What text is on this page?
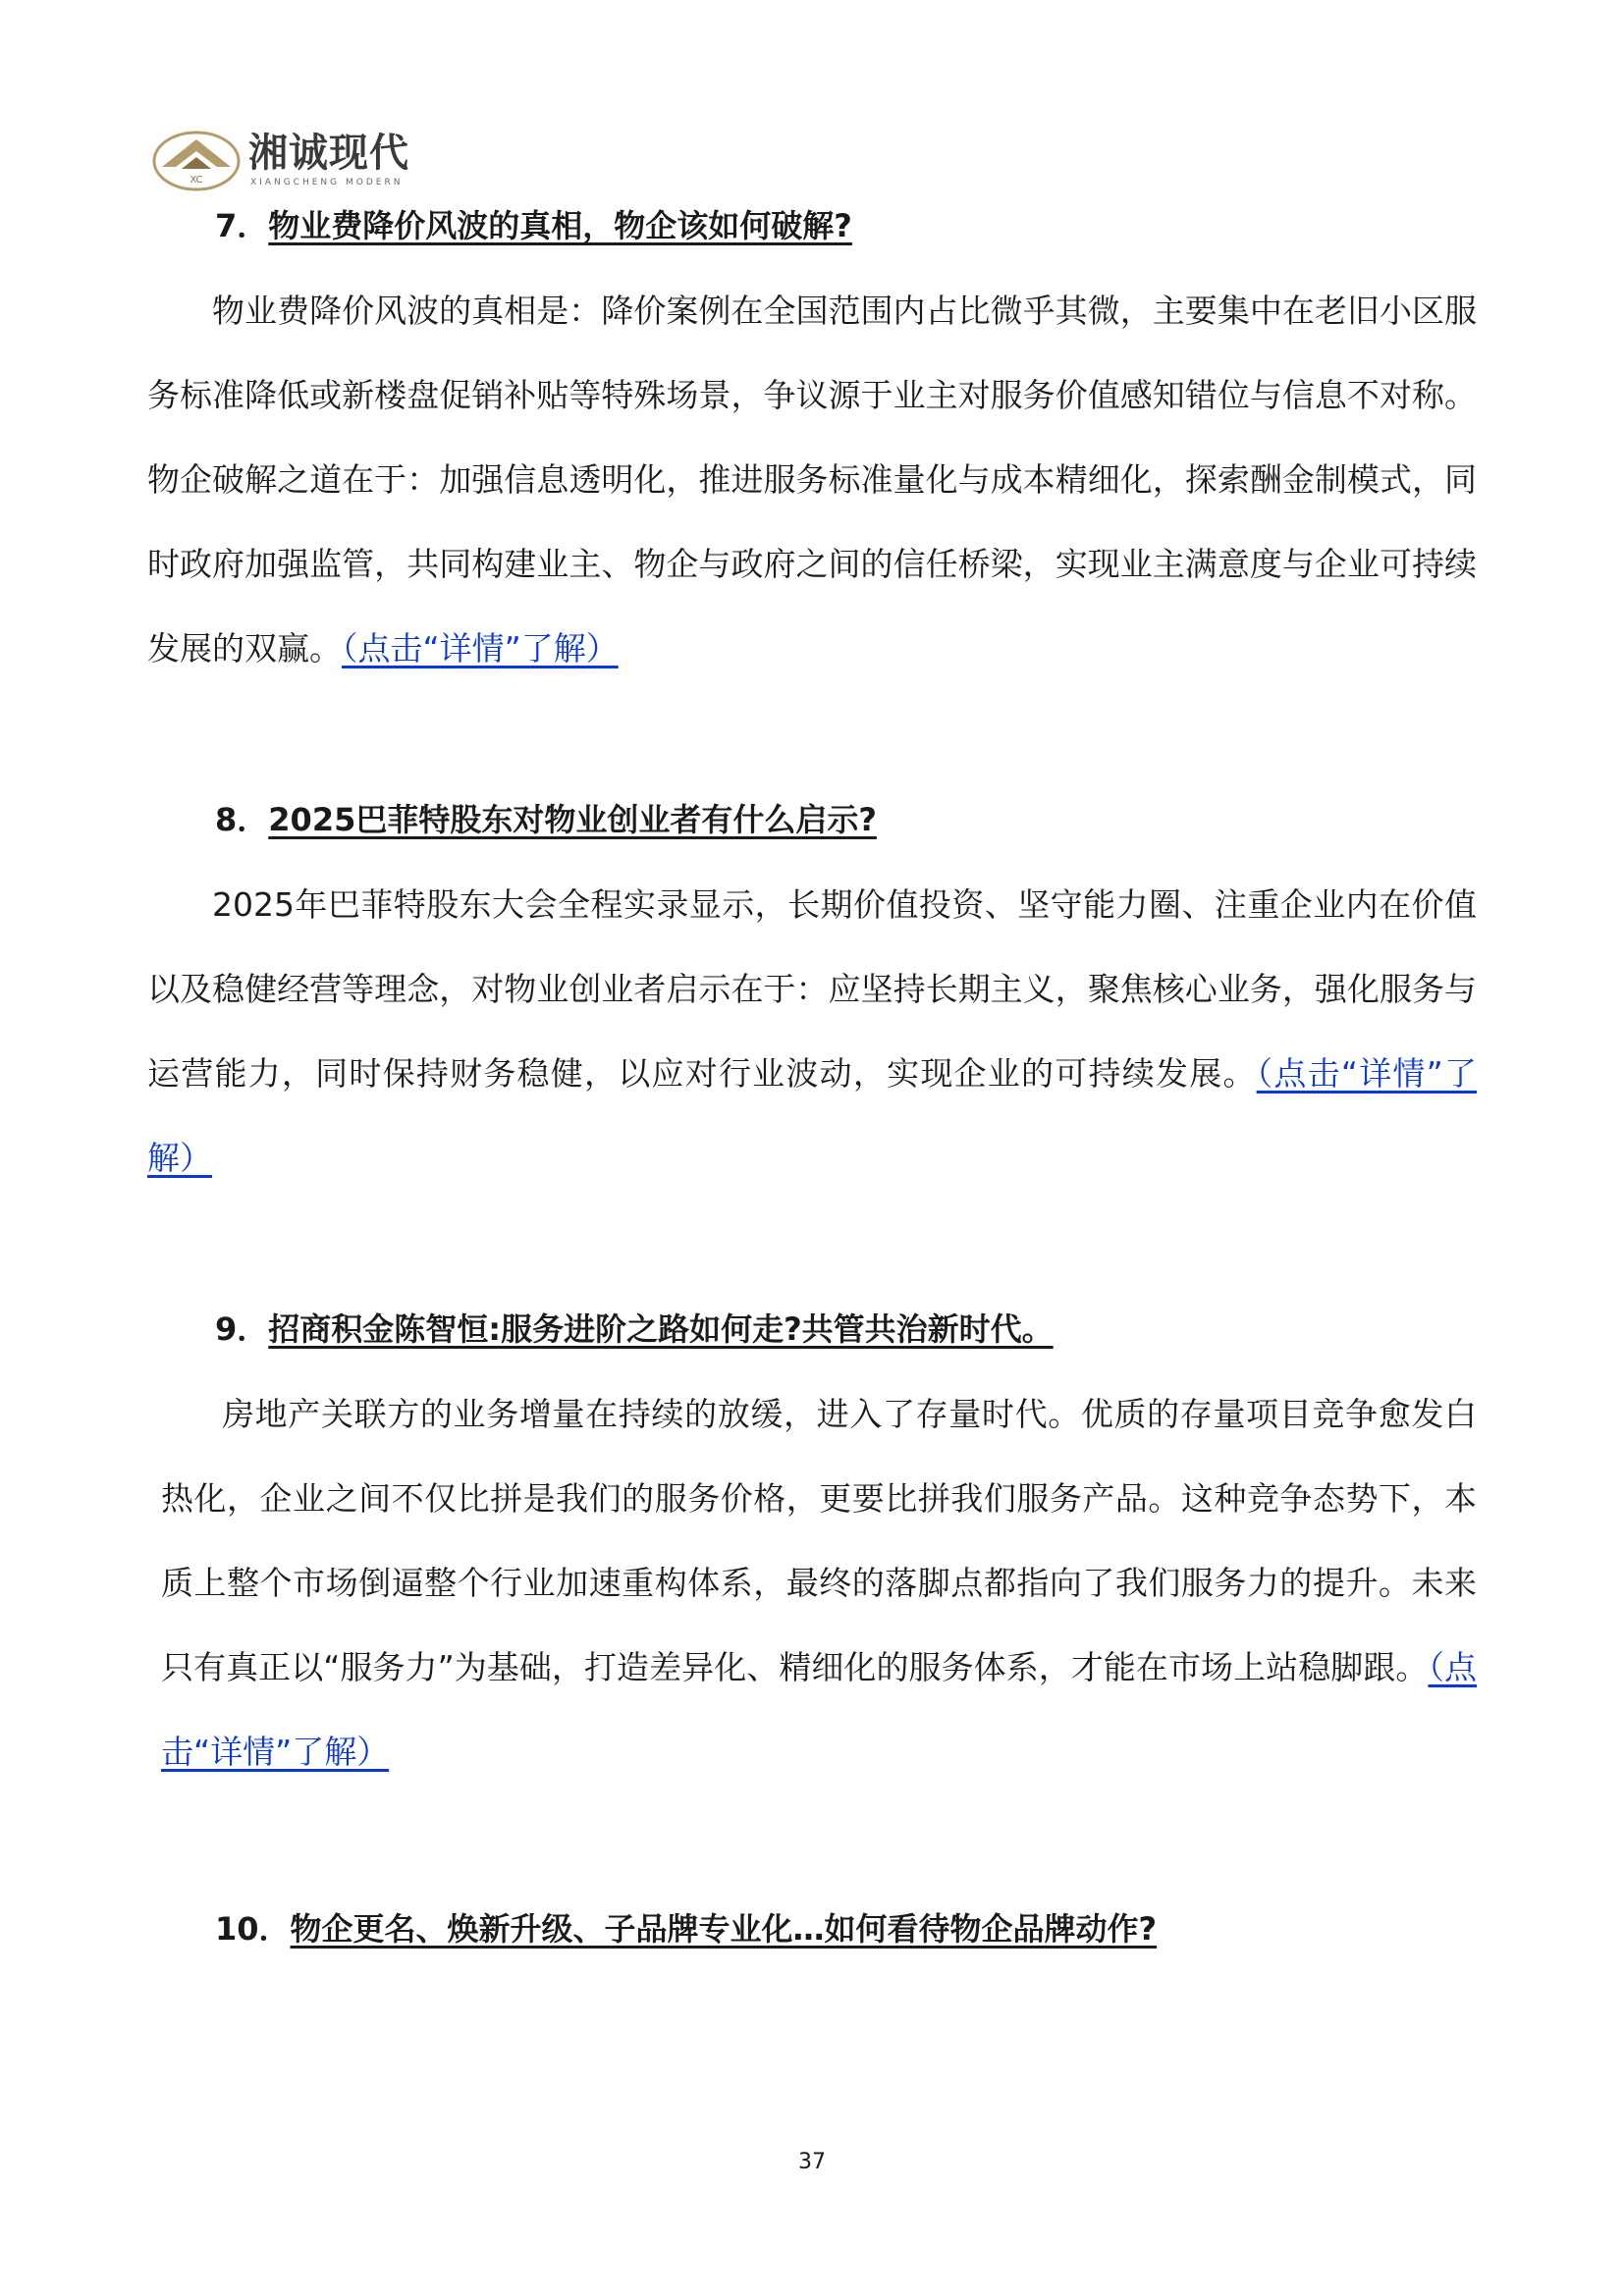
XC
湘诚现代
XIANGCHENG MODERN
7．物业费降价风波的真相，物企该如何破解?
物业费降价风波的真相是：降价案例在全国范围内占比微乎其微，主要集中在老旧小区服务标准降低或新楼盘促销补贴等特殊场景，争议源于业主对服务价值感知错位与信息不对称。物企破解之道在于：加强信息透明化，推进服务标准量化与成本精细化，探索酬金制模式，同时政府加强监管，共同构建业主、物企与政府之间的信任桥梁，实现业主满意度与企业可持续发展的双赢。（点击“详情”了解）
8．2025巴菲特股东对物业创业者有什么启示?
2025年巴菲特股东大会全程实录显示，长期价值投资、坚守能力圈、注重企业内在价值以及稳健经营等理念，对物业创业者启示在于：应坚持长期主义，聚焦核心业务，强化服务与运营能力，同时保持财务稳健，以应对行业波动，实现企业的可持续发展。（点击“详情”了解）
9．招商积金陈智恒:服务进阶之路如何走?共管共治新时代。
房地产关联方的业务增量在持续的放缓，进入了存量时代。优质的存量项目竞争愈发白热化，企业之间不仅比拼是我们的服务价格，更要比拼我们服务产品。这种竞争态势下，本质上整个市场倒逼整个行业加速重构体系，最终的落脚点都指向了我们服务力的提升。未来只有真正以“服务力”为基础，打造差异化、精细化的服务体系，才能在市场上站稳脚跟。（点击“详情”了解）
10．物企更名、焕新升级、子品牌专业化…如何看待物企品牌动作?
37
